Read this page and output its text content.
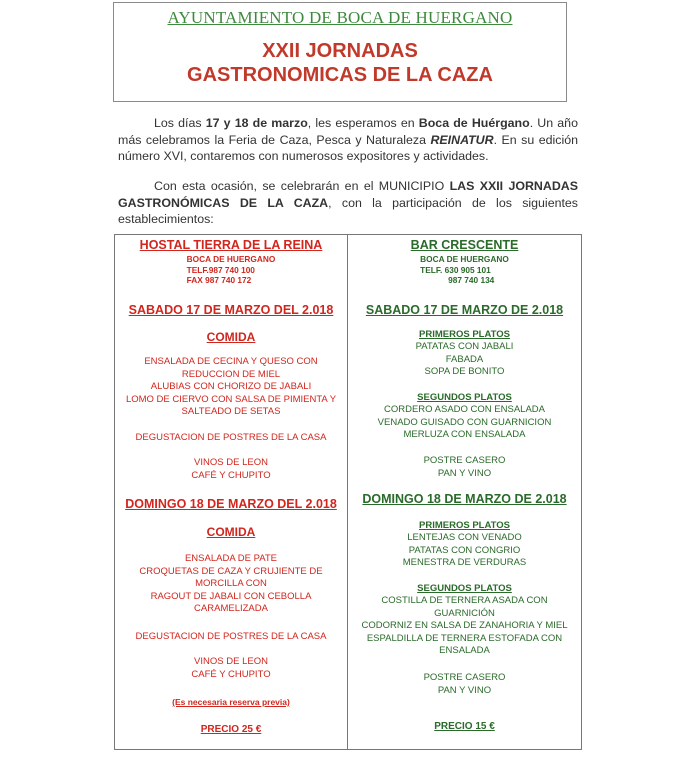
AYUNTAMIENTO DE BOCA DE HUERGANO
XXII JORNADAS
GASTRONOMICAS DE LA CAZA
Los días 17 y 18 de marzo, les esperamos en Boca de Huérgano. Un año más celebramos la Feria de Caza, Pesca y Naturaleza REINATUR. En su edición número XVI, contaremos con numerosos expositores y actividades.
Con esta ocasión, se celebrarán en el MUNICIPIO LAS XXII JORNADAS GASTRONÓMICAS DE LA CAZA, con la participación de los siguientes establecimientos:
HOSTAL TIERRA DE LA REINA
BOCA DE HUERGANO
TELF.987 740 100
FAX 987 740 172
SABADO 17 DE MARZO DEL 2.018
COMIDA
ENSALADA DE CECINA Y QUESO CON
REDUCCION DE MIEL
ALUBIAS CON CHORIZO DE JABALI
LOMO DE CIERVO CON SALSA DE PIMIENTA Y
SALTEADO DE SETAS
DEGUSTACION DE POSTRES DE LA CASA
VINOS DE LEON
CAFÉ Y CHUPITO
DOMINGO 18 DE MARZO DEL 2.018
COMIDA
ENSALADA DE PATE
CROQUETAS DE CAZA Y CRUJIENTE DE
MORCILLA CON
RAGOUT DE JABALI CON CEBOLLA
CARAMELIZADA
DEGUSTACION DE POSTRES DE LA CASA
VINOS DE LEON
CAFÉ Y CHUPITO
(Es necesaria reserva previa)
PRECIO 25 €
BAR CRESCENTE
BOCA DE HUERGANO
TELF. 630 905 101
987 740 134
SABADO 17 DE MARZO DE 2.018
PRIMEROS PLATOS
PATATAS CON JABALI
FABADA
SOPA DE BONITO
SEGUNDOS PLATOS
CORDERO ASADO CON ENSALADA
VENADO GUISADO CON GUARNICION
MERLUZA CON ENSALADA
POSTRE CASERO
PAN Y VINO
DOMINGO 18 DE MARZO DE 2.018
PRIMEROS PLATOS
LENTEJAS CON VENADO
PATATAS CON CONGRIO
MENESTRA DE VERDURAS
SEGUNDOS PLATOS
COSTILLA DE TERNERA ASADA CON
GUARNICIÓN
CODORNIZ EN SALSA DE ZANAHORIA Y MIEL
ESPALDILLA DE TERNERA ESTOFADA CON
ENSALADA
POSTRE CASERO
PAN Y VINO
PRECIO 15 €
